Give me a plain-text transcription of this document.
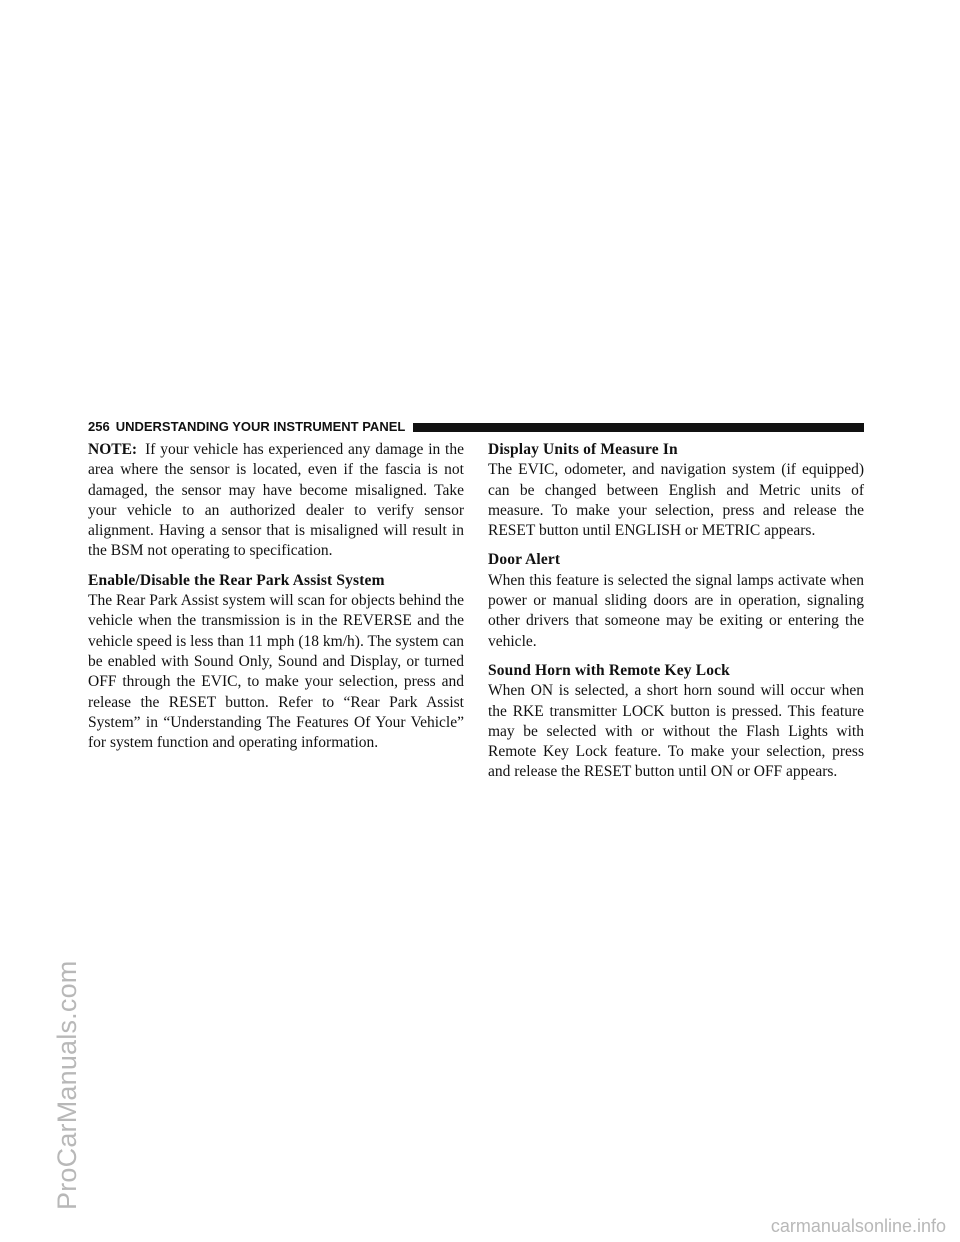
ProCarManuals.com
carmanualsonline.info
256 UNDERSTANDING YOUR INSTRUMENT PANEL

NOTE: If your vehicle has experienced any damage in the area where the sensor is located, even if the fascia is not damaged, the sensor may have become misaligned. Take your vehicle to an authorized dealer to verify sensor alignment. Having a sensor that is misaligned will result in the BSM not operating to specification.

Enable/Disable the Rear Park Assist System

The Rear Park Assist system will scan for objects behind the vehicle when the transmission is in the REVERSE and the vehicle speed is less than 11 mph (18 km/h). The system can be enabled with Sound Only, Sound and Display, or turned OFF through the EVIC, to make your selection, press and release the RESET button. Refer to “Rear Park Assist System” in “Understanding The Features Of Your Vehicle” for system function and operating information.

Display Units of Measure In

The EVIC, odometer, and navigation system (if equipped) can be changed between English and Metric units of measure. To make your selection, press and release the RESET button until ENGLISH or METRIC appears.

Door Alert

When this feature is selected the signal lamps activate when power or manual sliding doors are in operation, signaling other drivers that someone may be exiting or entering the vehicle.

Sound Horn with Remote Key Lock

When ON is selected, a short horn sound will occur when the RKE transmitter LOCK button is pressed. This feature may be selected with or without the Flash Lights with Remote Key Lock feature. To make your selection, press and release the RESET button until ON or OFF appears.
